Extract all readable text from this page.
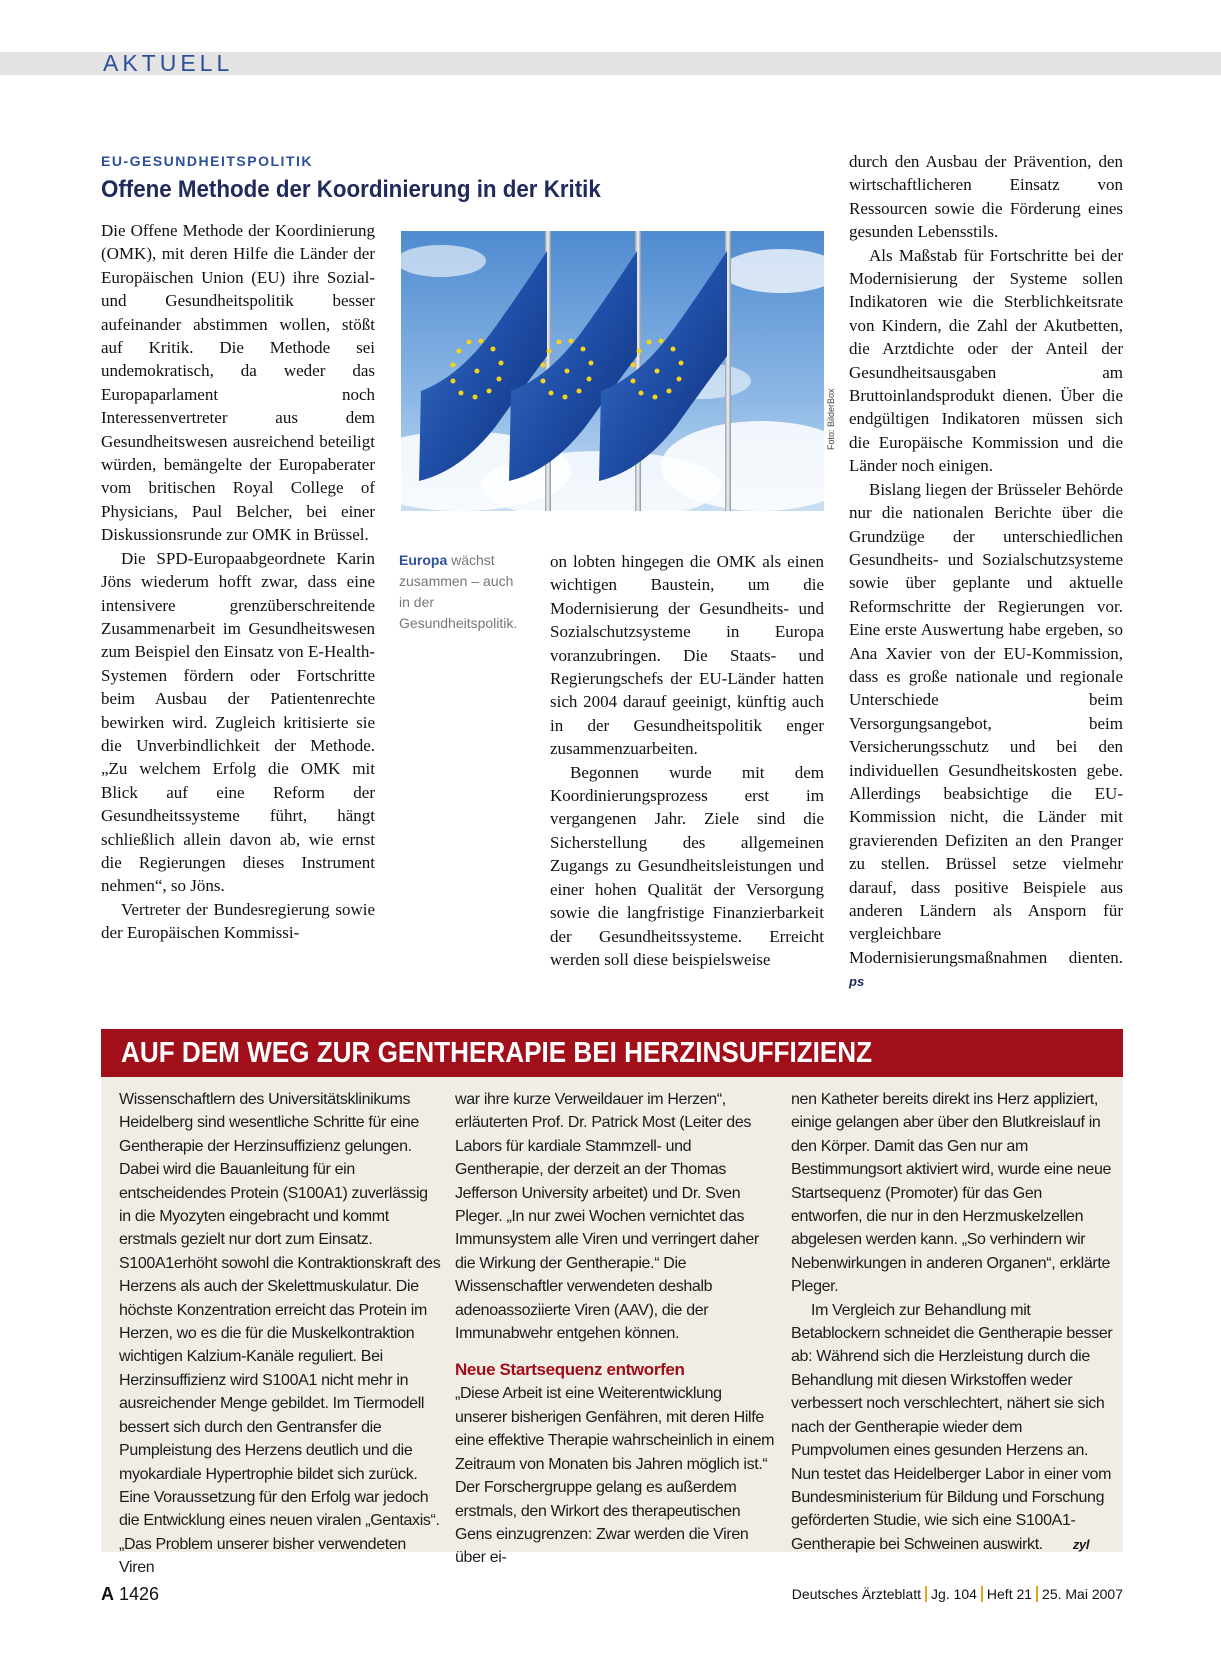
AKTUELL
EU-GESUNDHEITSPOLITIK
Offene Methode der Koordinierung in der Kritik

Die Offene Methode der Koordinierung (OMK), mit deren Hilfe die Länder der Europäischen Union (EU) ihre Sozial- und Gesundheitspolitik besser aufeinander abstimmen wollen, stößt auf Kritik. Die Methode sei undemokratisch, da weder das Europaparlament noch Interessenvertreter aus dem Gesundheitswesen ausreichend beteiligt würden, bemängelte der Europaberater vom britischen Royal College of Physicians, Paul Belcher, bei einer Diskussionsrunde zur OMK in Brüssel.

Die SPD-Europaabgeordnete Karin Jöns wiederum hofft zwar, dass eine intensivere grenzüberschreitende Zusammenarbeit im Gesundheitswesen zum Beispiel den Einsatz von E-Health-Systemen fördern oder Fortschritte beim Ausbau der Patientenrechte bewirken wird. Zugleich kritisierte sie die Unverbindlichkeit der Methode. „Zu welchem Erfolg die OMK mit Blick auf eine Reform der Gesundheitssysteme führt, hängt schließlich allein davon ab, wie ernst die Regierungen dieses Instrument nehmen“, so Jöns.

Vertreter der Bundesregierung sowie der Europäischen Kommissi-

Foto: BilderBox
Europa wächst zusammen – auch in der Gesundheitspolitik.

on lobten hingegen die OMK als einen wichtigen Baustein, um die Modernisierung der Gesundheits- und Sozialschutzsysteme in Europa voranzubringen. Die Staats- und Regierungschefs der EU-Länder hatten sich 2004 darauf geeinigt, künftig auch in der Gesundheitspolitik enger zusammenzuarbeiten.

Begonnen wurde mit dem Koordinierungsprozess erst im vergangenen Jahr. Ziele sind die Sicherstellung des allgemeinen Zugangs zu Gesundheitsleistungen und einer hohen Qualität der Versorgung sowie die langfristige Finanzierbarkeit der Gesundheitssysteme. Erreicht werden soll diese beispielsweise

durch den Ausbau der Prävention, den wirtschaftlicheren Einsatz von Ressourcen sowie die Förderung eines gesunden Lebensstils.

Als Maßstab für Fortschritte bei der Modernisierung der Systeme sollen Indikatoren wie die Sterblichkeitsrate von Kindern, die Zahl der Akutbetten, die Arztdichte oder der Anteil der Gesundheitsausgaben am Bruttoinlandsprodukt dienen. Über die endgültigen Indikatoren müssen sich die Europäische Kommission und die Länder noch einigen.

Bislang liegen der Brüsseler Behörde nur die nationalen Berichte über die Grundzüge der unterschiedlichen Gesundheits- und Sozialschutzsysteme sowie über geplante und aktuelle Reformschritte der Regierungen vor. Eine erste Auswertung habe ergeben, so Ana Xavier von der EU-Kommission, dass es große nationale und regionale Unterschiede beim Versorgungsangebot, beim Versicherungsschutz und bei den individuellen Gesundheitskosten gebe. Allerdings beabsichtige die EU-Kommission nicht, die Länder mit gravierenden Defiziten an den Pranger zu stellen. Brüssel setze vielmehr darauf, dass positive Beispiele aus anderen Ländern als Ansporn für vergleichbare Modernisierungsmaßnahmen dienten. ps

AUF DEM WEG ZUR GENTHERAPIE BEI HERZINSUFFIZIENZ

Wissenschaftlern des Universitätsklinikums Heidelberg sind wesentliche Schritte für eine Gentherapie der Herzinsuffizienz gelungen. Dabei wird die Bauanleitung für ein entscheidendes Protein (S100A1) zuverlässig in die Myozyten eingebracht und kommt erstmals gezielt nur dort zum Einsatz. S100A1erhöht sowohl die Kontraktionskraft des Herzens als auch der Skelettmuskulatur. Die höchste Konzentration erreicht das Protein im Herzen, wo es die für die Muskelkontraktion wichtigen Kalzium-Kanäle reguliert. Bei Herzinsuffizienz wird S100A1 nicht mehr in ausreichender Menge gebildet. Im Tiermodell bessert sich durch den Gentransfer die Pumpleistung des Herzens deutlich und die myokardiale Hypertrophie bildet sich zurück. Eine Voraussetzung für den Erfolg war jedoch die Entwicklung eines neuen viralen „Gentaxis“. „Das Problem unserer bisher verwendeten Viren

war ihre kurze Verweildauer im Herzen“, erläuterten Prof. Dr. Patrick Most (Leiter des Labors für kardiale Stammzell- und Gentherapie, der derzeit an der Thomas Jefferson University arbeitet) und Dr. Sven Pleger. „In nur zwei Wochen vernichtet das Immunsystem alle Viren und verringert daher die Wirkung der Gentherapie.“ Die Wissenschaftler verwendeten deshalb adenoassoziierte Viren (AAV), die der Immunabwehr entgehen können.

Neue Startsequenz entworfen

„Diese Arbeit ist eine Weiterentwicklung unserer bisherigen Genfähren, mit deren Hilfe eine effektive Therapie wahrscheinlich in einem Zeitraum von Monaten bis Jahren möglich ist.“ Der Forschergruppe gelang es außerdem erstmals, den Wirkort des therapeutischen Gens einzugrenzen: Zwar werden die Viren über ei-

nen Katheter bereits direkt ins Herz appliziert, einige gelangen aber über den Blutkreislauf in den Körper. Damit das Gen nur am Bestimmungsort aktiviert wird, wurde eine neue Startsequenz (Promoter) für das Gen entworfen, die nur in den Herzmuskelzellen abgelesen werden kann. „So verhindern wir Nebenwirkungen in anderen Organen“, erklärte Pleger.

Im Vergleich zur Behandlung mit Betablockern schneidet die Gentherapie besser ab: Während sich die Herzleistung durch die Behandlung mit diesen Wirkstoffen weder verbessert noch verschlechtert, nähert sie sich nach der Gentherapie wieder dem Pumpvolumen eines gesunden Herzens an. Nun testet das Heidelberger Labor in einer vom Bundesministerium für Bildung und Forschung geförderten Studie, wie sich eine S100A1-Gentherapie bei Schweinen auswirkt. zyl

A 1426	Deutsches Ärzteblatt Jg. 104 Heft 21 25. Mai 2007
